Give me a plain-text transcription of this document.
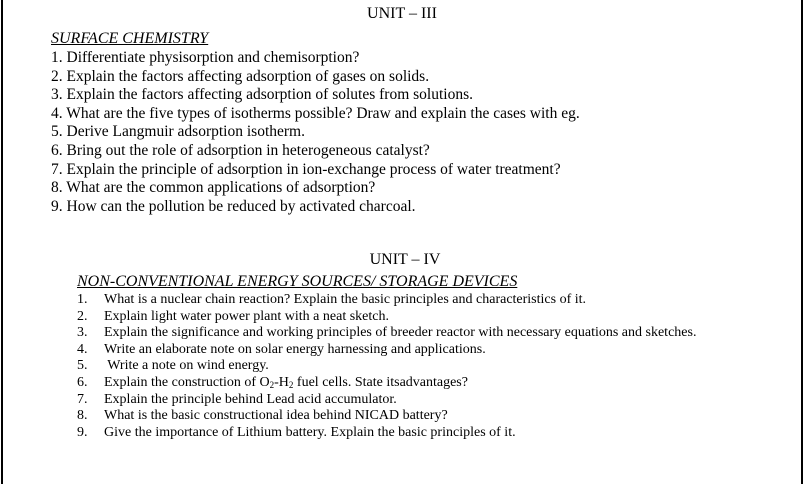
UNIT – III
SURFACE CHEMISTRY
1. Differentiate physisorption and chemisorption?
2. Explain the factors affecting adsorption of gases on solids.
3. Explain the factors affecting adsorption of solutes from solutions.
4. What are the five types of isotherms possible? Draw and explain the cases with eg.
5. Derive Langmuir adsorption isotherm.
6. Bring out the role of adsorption in heterogeneous catalyst?
7. Explain the principle of adsorption in ion-exchange process of water treatment?
8. What are the common applications of adsorption?
9. How can the pollution be reduced by activated charcoal.
UNIT – IV
NON-CONVENTIONAL ENERGY SOURCES/ STORAGE DEVICES
1. What is a nuclear chain reaction? Explain the basic principles and characteristics of it.
2. Explain light water power plant with a neat sketch.
3. Explain the significance and working principles of breeder reactor with necessary equations and sketches.
4. Write an elaborate note on solar energy harnessing and applications.
5. Write a note on wind energy.
6. Explain the construction of $O_2-H_2$ fuel cells. State itsadvantages?
7. Explain the principle behind Lead acid accumulator.
8. What is the basic constructional idea behind NICAD battery?
9. Give the importance of Lithium battery. Explain the basic principles of it.
